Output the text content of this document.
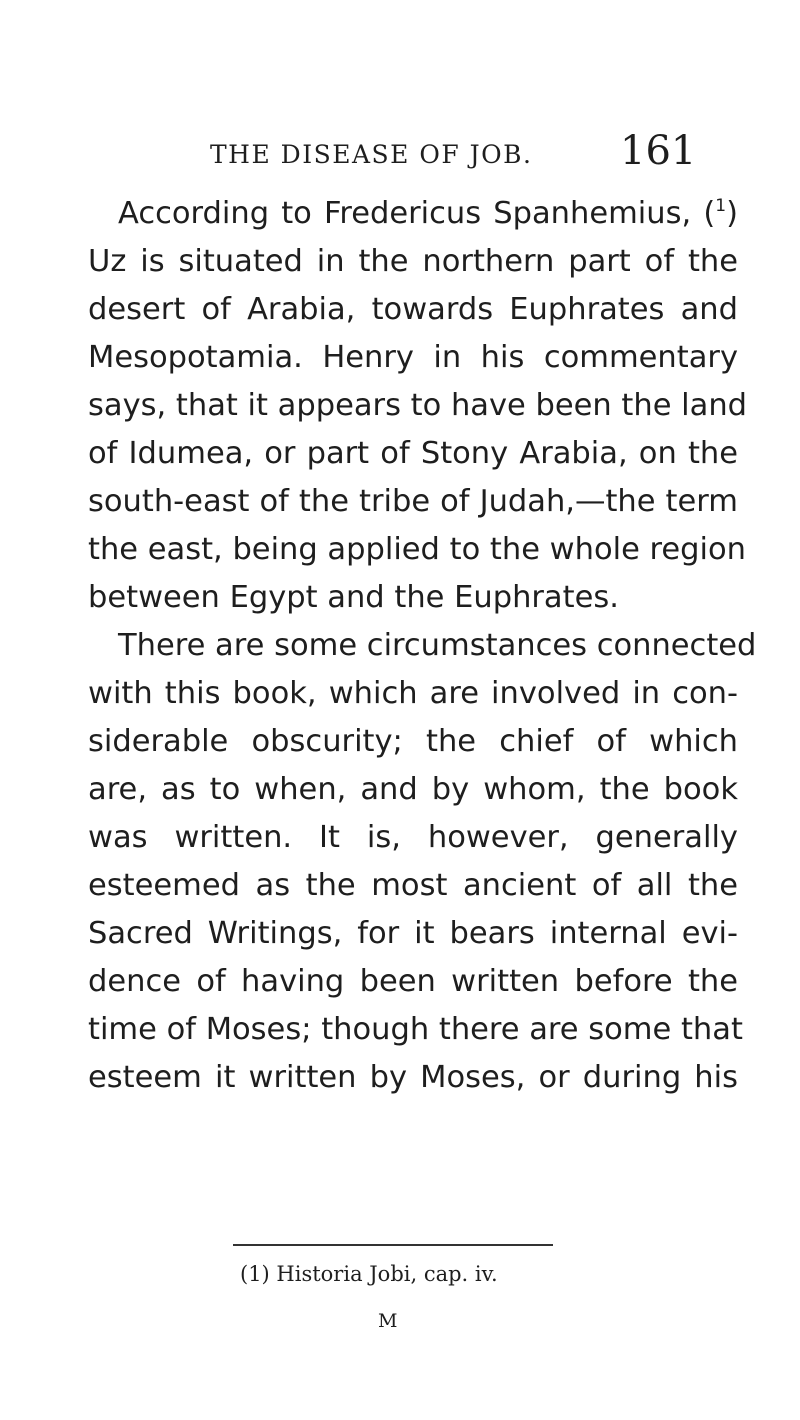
THE DISEASE OF JOB. 161
According to Fredericus Spanhemius, ($^1$)
Uz is situated in the northern part of the
desert of Arabia, towards Euphrates and
Mesopotamia. Henry in his commentary
says, that it appears to have been the land
of Idumea, or part of Stony Arabia, on the
south-east of the tribe of Judah,—the term
the east, being applied to the whole region
between Egypt and the Euphrates.
There are some circumstances connected
with this book, which are involved in con-
siderable obscurity; the chief of which
are, as to when, and by whom, the book
was written. It is, however, generally
esteemed as the most ancient of all the
Sacred Writings, for it bears internal evi-
dence of having been written before the
time of Moses; though there are some that
esteem it written by Moses, or during his
(1) Historia Jobi, cap. iv.
M
